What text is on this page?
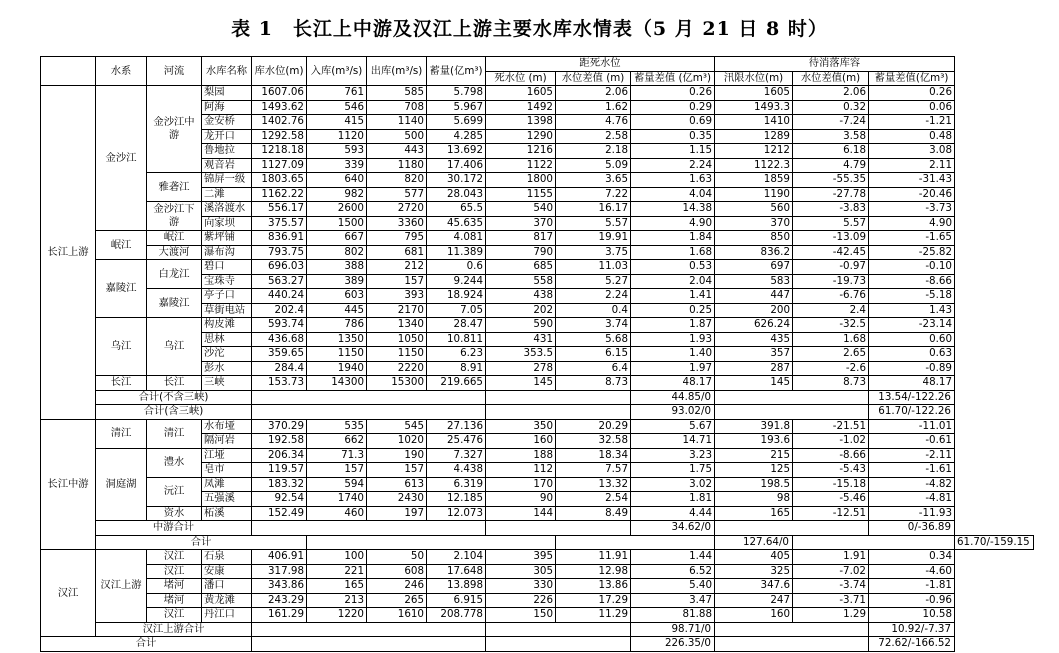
表 1　长江上中游及汉江上游主要水库水情表（5 月 21 日 8 时）
	水系	河流	水库名称	库水位(m)	入库(m³/s)	出库(m³/s)	蓄量(亿m³)	距死水位			待消落库容			
								死水位 (m)	水位差值 (m)	蓄量差值 (亿m³)	汛限水位(m)	水位差值(m)	蓄量差值(亿m³)	
长江上游	金沙江	金沙江中游	梨园	1607.06	761	585	5.798	1605	2.06	0.26	1605	2.06	0.26	
			阿海	1493.62	546	708	5.967	1492	1.62	0.29	1493.3	0.32	0.06	
			金安桥	1402.76	415	1140	5.699	1398	4.76	0.69	1410	-7.24	-1.21	
			龙开口	1292.58	1120	500	4.285	1290	2.58	0.35	1289	3.58	0.48	
			鲁地拉	1218.18	593	443	13.692	1216	2.18	1.15	1212	6.18	3.08	
			观音岩	1127.09	339	1180	17.406	1122	5.09	2.24	1122.3	4.79	2.11	
		雅砻江	锦屏一级	1803.65	640	820	30.172	1800	3.65	1.63	1859	-55.35	-31.43	
			二滩	1162.22	982	577	28.043	1155	7.22	4.04	1190	-27.78	-20.46	
		金沙江下游	溪洛渡水	556.17	2600	2720	65.5	540	16.17	14.38	560	-3.83	-3.73	
			向家坝	375.57	1500	3360	45.635	370	5.57	4.90	370	5.57	4.90	
	岷江	岷江	紫坪铺	836.91	667	795	4.081	817	19.91	1.84	850	-13.09	-1.65	
		大渡河	瀑布沟	793.75	802	681	11.389	790	3.75	1.68	836.2	-42.45	-25.82	
	嘉陵江	白龙江	碧口	696.03	388	212	0.6	685	11.03	0.53	697	-0.97	-0.10	
			宝珠寺	563.27	389	157	9.244	558	5.27	2.04	583	-19.73	-8.66	
		嘉陵江	亭子口	440.24	603	393	18.924	438	2.24	1.41	447	-6.76	-5.18	
			草街电站	202.4	445	2170	7.05	202	0.4	0.25	200	2.4	1.43	
	乌江	乌江	构皮滩	593.74	786	1340	28.47	590	3.74	1.87	626.24	-32.5	-23.14	
			思林	436.68	1350	1050	10.811	431	5.68	1.93	435	1.68	0.60	
			沙沱	359.65	1150	1150	6.23	353.5	6.15	1.40	357	2.65	0.63	
			彭水	284.4	1940	2220	8.91	278	6.4	1.97	287	-2.6	-0.89	
	长江	长江	三峡	153.73	14300	15300	219.665	145	8.73	48.17	145	8.73	48.17	
	合计(不含三峡)									44.85/0			13.54/-122.26	
	合计(含三峡)									93.02/0			61.70/-122.26	
长江中游	清江	清江	水布垭	370.29	535	545	27.136	350	20.29	5.67	391.8	-21.51	-11.01	
			隔河岩	192.58	662	1020	25.476	160	32.58	14.71	193.6	-1.02	-0.61	
	洞庭湖	澧水	江垭	206.34	71.3	190	7.327	188	18.34	3.23	215	-8.66	-2.11	
			皂市	119.57	157	157	4.438	112	7.57	1.75	125	-5.43	-1.61	
		沅江	凤滩	183.32	594	613	6.319	170	13.32	3.02	198.5	-15.18	-4.82	
			五强溪	92.54	1740	2430	12.185	90	2.54	1.81	98	-5.46	-4.81	
		资水	柘溪	152.49	460	197	12.073	144	8.49	4.44	165	-12.51	-11.93	
	中游合计									34.62/0			0/-36.89	
	合计										127.64/0			61.70/-159.15
汉江	汉江上游	汉江	石泉	406.91	100	50	2.104	395	11.91	1.44	405	1.91	0.34	
		汉江	安康	317.98	221	608	17.648	305	12.98	6.52	325	-7.02	-4.60	
		堵河	潘口	343.86	165	246	13.898	330	13.86	5.40	347.6	-3.74	-1.81	
		堵河	黄龙滩	243.29	213	265	6.915	226	17.29	3.47	247	-3.71	-0.96	
		汉江	丹江口	161.29	1220	1610	208.778	150	11.29	81.88	160	1.29	10.58	
	汉江上游合计									98.71/0			10.92/-7.37	
合计										226.35/0			72.62/-166.52	
